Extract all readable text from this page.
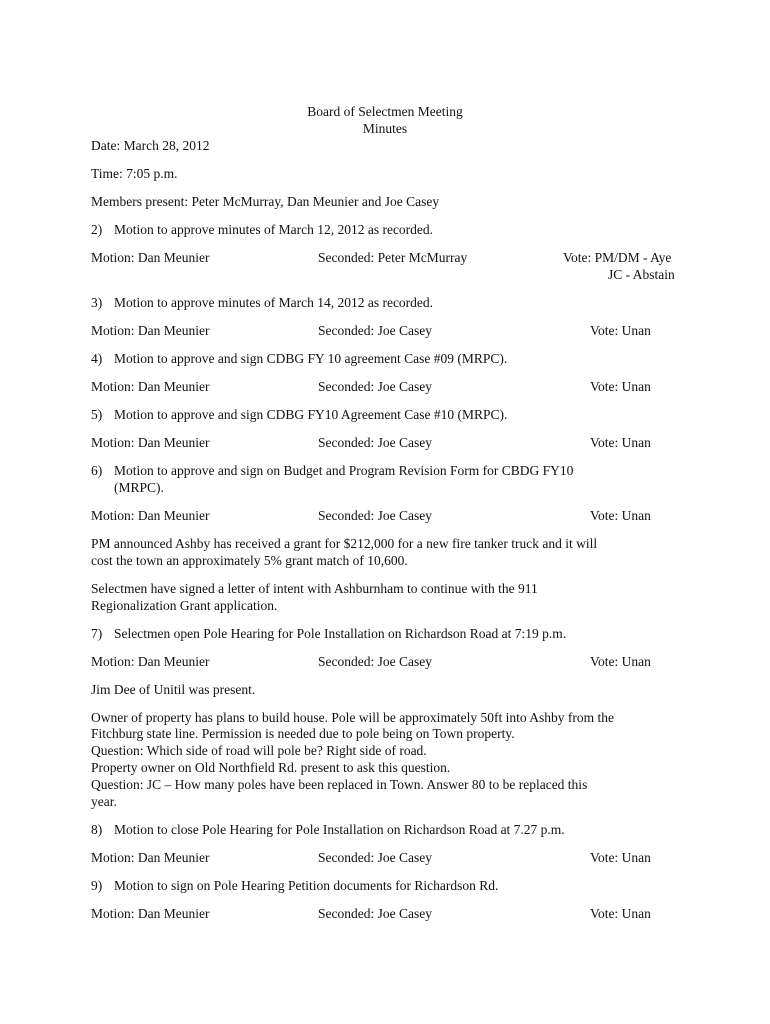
Board of Selectmen Meeting
Minutes
Date: March 28, 2012
Time: 7:05 p.m.
Members present: Peter McMurray, Dan Meunier and Joe Casey
2) Motion to approve minutes of March 12, 2012 as recorded.
Motion: Dan Meunier	Seconded: Peter McMurray	Vote: PM/DM - Aye
JC - Abstain
3) Motion to approve minutes of March 14, 2012 as recorded.
Motion: Dan Meunier	Seconded: Joe Casey	Vote: Unan
4) Motion to approve and sign CDBG FY 10 agreement Case #09 (MRPC).
Motion: Dan Meunier	Seconded: Joe Casey	Vote: Unan
5) Motion to approve and sign CDBG FY10 Agreement Case #10 (MRPC).
Motion: Dan Meunier	Seconded: Joe Casey	Vote: Unan
6) Motion to approve and sign on Budget and Program Revision Form for CBDG FY10
(MRPC).
Motion: Dan Meunier	Seconded: Joe Casey	Vote: Unan
PM announced Ashby has received a grant for $212,000 for a new fire tanker truck and it will
cost the town an approximately 5% grant match of 10,600.
Selectmen have signed a letter of intent with Ashburnham to continue with the 911
Regionalization Grant application.
7) Selectmen open Pole Hearing for Pole Installation on Richardson Road at 7:19 p.m.
Motion: Dan Meunier	Seconded: Joe Casey	Vote: Unan
Jim Dee of Unitil was present.
Owner of property has plans to build house. Pole will be approximately 50ft into Ashby from the
Fitchburg state line. Permission is needed due to pole being on Town property.
Question: Which side of road will pole be? Right side of road.
Property owner on Old Northfield Rd. present to ask this question.
Question: JC – How many poles have been replaced in Town. Answer 80 to be replaced this
year.
8) Motion to close Pole Hearing for Pole Installation on Richardson Road at 7.27 p.m.
Motion: Dan Meunier	Seconded: Joe Casey	Vote: Unan
9) Motion to sign on Pole Hearing Petition documents for Richardson Rd.
Motion: Dan Meunier	Seconded: Joe Casey	Vote: Unan
